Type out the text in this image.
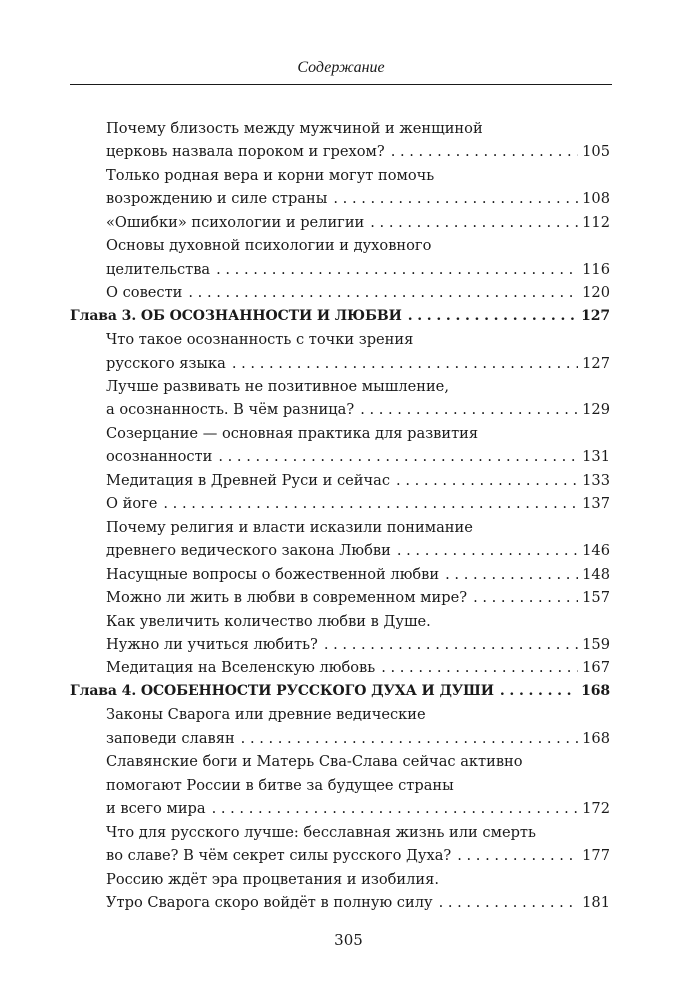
Содержание
Почему близость между мужчиной и женщиной
церковь назвала пороком и грехом? . . .	105
Только родная вера и корни могут помочь
возрождению и силе страны . . .	108
«Ошибки» психологии и религии . . .	112
Основы духовной психологии и духовного
целительства . . .	116
О совести . . .	120
Глава 3. ОБ ОСОЗНАННОСТИ И ЛЮБВИ . . .	127
Что такое осознанность с точки зрения
русского языка . . .	127
Лучше развивать не позитивное мышление,
а осознанность. В чём разница? . . .	129
Созерцание — основная практика для развития
осознанности . . .	131
Медитация в Древней Руси и сейчас . . .	133
О йоге . . .	137
Почему религия и власти исказили понимание
древнего ведического закона Любви . . .	146
Насущные вопросы о божественной любви . . .	148
Можно ли жить в любви в современном мире? . . .	157
Как увеличить количество любви в Душе.
Нужно ли учиться любить? . . .	159
Медитация на Вселенскую любовь . . .	167
Глава 4. ОСОБЕННОСТИ РУССКОГО ДУХА И ДУШИ . . .	168
Законы Сварога или древние ведические
заповеди славян . . .	168
Славянские боги и Матерь Сва-Слава сейчас активно
помогают России в битве за будущее страны
и всего мира . . .	172
Что для русского лучше: бесславная жизнь или смерть
во славе? В чём секрет силы русского Духа? . . .	177
Россию ждёт эра процветания и изобилия.
Утро Сварога скоро войдёт в полную силу . . .	181
305
